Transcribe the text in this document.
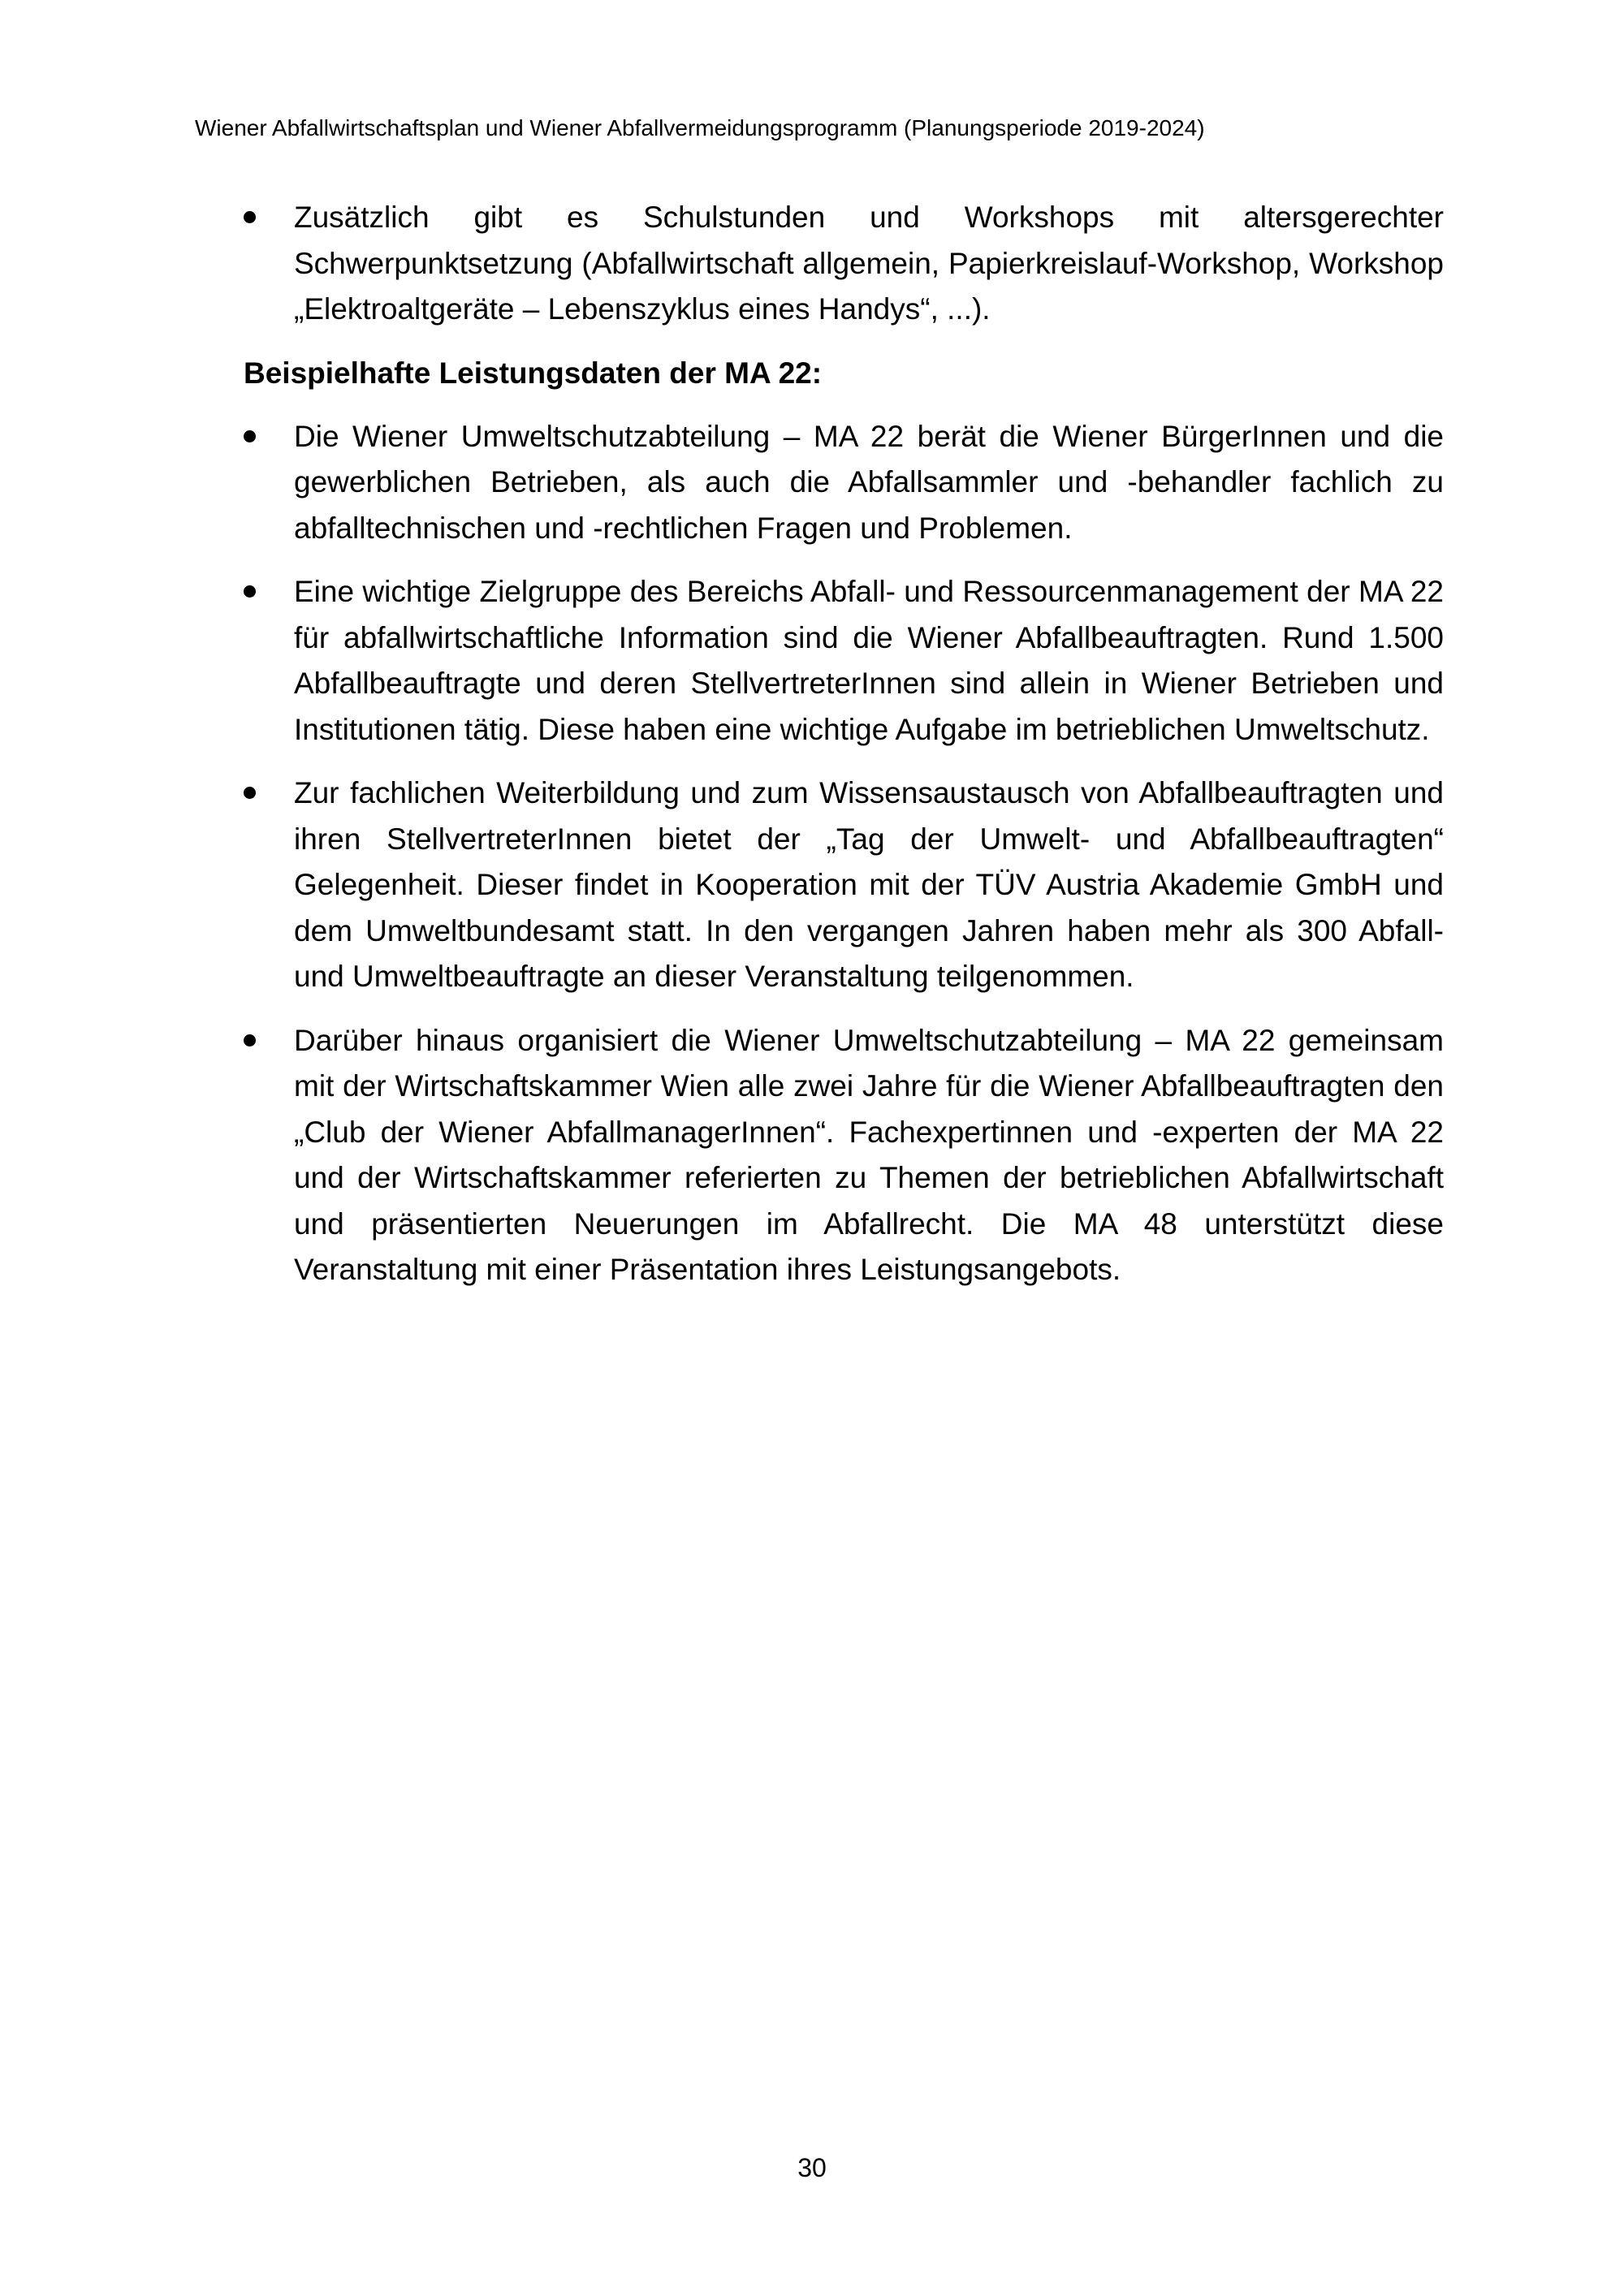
Wiener Abfallwirtschaftsplan und Wiener Abfallvermeidungsprogramm (Planungsperiode 2019-2024)
Zusätzlich gibt es Schulstunden und Workshops mit altersgerechter Schwerpunktsetzung (Abfallwirtschaft allgemein, Papierkreislauf-Workshop, Workshop „Elektroaltgeräte – Lebenszyklus eines Handys“, ...).
Beispielhafte Leistungsdaten der MA 22:
Die Wiener Umweltschutzabteilung – MA 22 berät die Wiener BürgerInnen und die gewerblichen Betrieben, als auch die Abfallsammler und -behandler fachlich zu abfalltechnischen und -rechtlichen Fragen und Problemen.
Eine wichtige Zielgruppe des Bereichs Abfall- und Ressourcenmanagement der MA 22 für abfallwirtschaftliche Information sind die Wiener Abfallbeauftragten. Rund 1.500 Abfallbeauftragte und deren StellvertreterInnen sind allein in Wiener Betrieben und Institutionen tätig. Diese haben eine wichtige Aufgabe im betrieblichen Umweltschutz.
Zur fachlichen Weiterbildung und zum Wissensaustausch von Abfallbeauftragten und ihren StellvertreterInnen bietet der „Tag der Umwelt- und Abfallbeauftragten“ Gelegenheit. Dieser findet in Kooperation mit der TÜV Austria Akademie GmbH und dem Umweltbundesamt statt. In den vergangen Jahren haben mehr als 300 Abfall- und Umweltbeauftragte an dieser Veranstaltung teilgenommen.
Darüber hinaus organisiert die Wiener Umweltschutzabteilung – MA 22 gemeinsam mit der Wirtschaftskammer Wien alle zwei Jahre für die Wiener Abfallbeauftragten den „Club der Wiener AbfallmanagerInnen“. Fachexpertinnen und -experten der MA 22 und der Wirtschaftskammer referierten zu Themen der betrieblichen Abfallwirtschaft und präsentierten Neuerungen im Abfallrecht. Die MA 48 unterstützt diese Veranstaltung mit einer Präsentation ihres Leistungsangebots.
30
